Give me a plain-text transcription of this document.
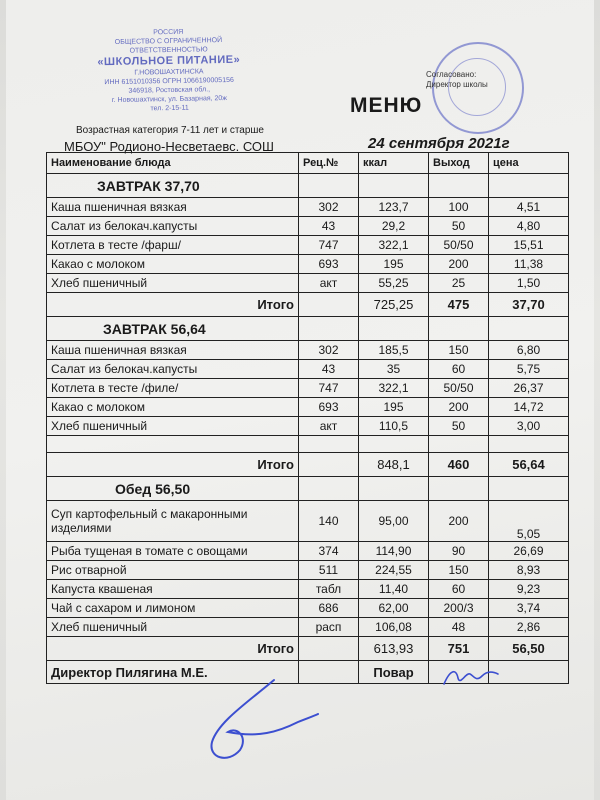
РОССИЯ
ОБЩЕСТВО С ОГРАНИЧЕННОЙ
ОТВЕТСТВЕННОСТЬЮ
«ШКОЛЬНОЕ ПИТАНИЕ»
Г.НОВОШАХТИНСКА
ИНН 6151010356 ОГРН 1066190005156
346918, Ростовская обл.,
г. Новошахтинск, ул. Базарная, 20ж
тел. 2-15-11
Согласовано:
Директор школы
МЕНЮ
Возрастная категория 7-11 лет и старше
МБОУ" Родионо-Несветаевс. СОШ	24 сентября 2021г
Наименование блюда	Рец.№	ккал	Выход	цена
ЗАВТРАК 37,70				
Каша пшеничная вязкая	302	123,7	100	4,51
Салат из белокач.капусты	43	29,2	50	4,80
Котлета в тесте /фарш/	747	322,1	50/50	15,51
Какао с молоком	693	195	200	11,38
Хлеб пшеничный	акт	55,25	25	1,50
Итого		725,25	475	37,70
ЗАВТРАК 56,64				
Каша пшеничная вязкая	302	185,5	150	6,80
Салат из белокач.капусты	43	35	60	5,75
Котлета в тесте /филе/	747	322,1	50/50	26,37
Какао с молоком	693	195	200	14,72
Хлеб пшеничный	акт	110,5	50	3,00

Итого		848,1	460	56,64
Обед 56,50				
Суп картофельный с макаронными изделиями	140	95,00	200	5,05
Рыба тущеная в томате с овощами	374	114,90	90	26,69
Рис отварной	511	224,55	150	8,93
Капуста квашеная	табл	11,40	60	9,23
Чай с сахаром и лимоном	686	62,00	200/3	3,74
Хлеб пшеничный	расп	106,08	48	2,86
Итого		613,93	751	56,50
Директор Пилягина М.Е.		Повар		
